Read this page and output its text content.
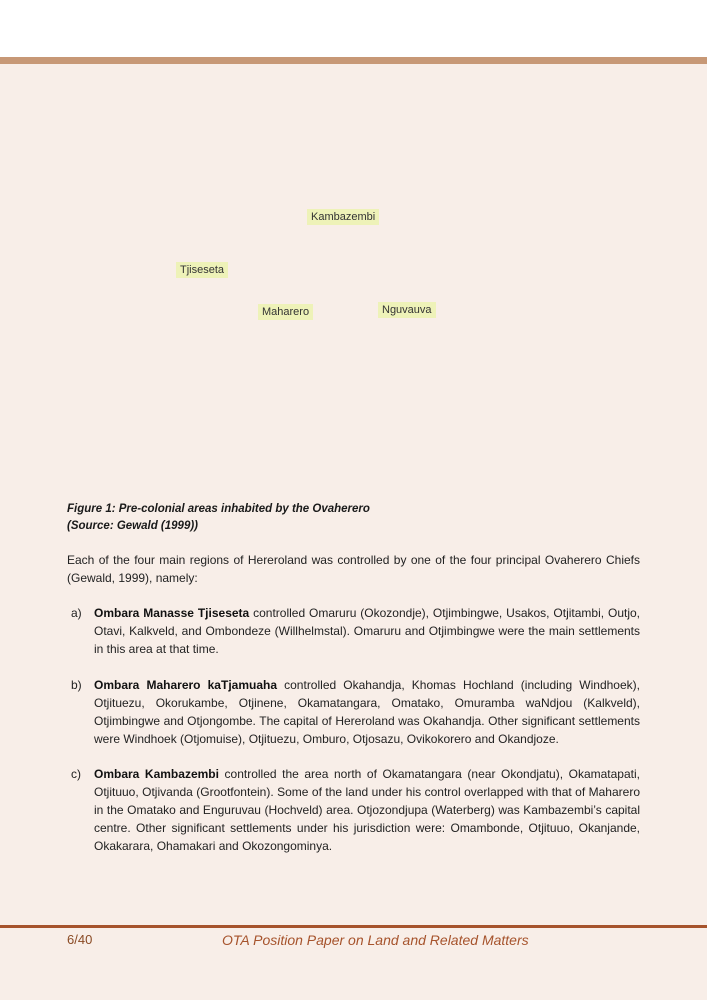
Kambazembi
Tjiseseta
Maharero	Nguvauva
Figure 1: Pre-colonial areas inhabited by the Ovaherero
(Source: Gewald (1999))

Each of the four main regions of Hereroland was controlled by one of the four principal Ovaherero Chiefs (Gewald, 1999), namely:

a) Ombara Manasse Tjiseseta controlled Omaruru (Okozondje), Otjimbingwe, Usakos, Otjitambi, Outjo, Otavi, Kalkveld, and Ombondeze (Willhelmstal). Omaruru and Otjimbingwe were the main settlements in this area at that time.
b) Ombara Maharero kaTjamuaha controlled Okahandja, Khomas Hochland (including Windhoek), Otjituezu, Okorukambe, Otjinene, Okamatangara, Omatako, Omuramba waNdjou (Kalkveld), Otjimbingwe and Otjongombe. The capital of Hereroland was Okahandja. Other significant settlements were Windhoek (Otjomuise), Otjituezu, Omburo, Otjosazu, Ovikokorero and Okandjoze.
c) Ombara Kambazembi controlled the area north of Okamatangara (near Okondjatu), Okamatapati, Otjituuo, Otjivanda (Grootfontein). Some of the land under his control overlapped with that of Maharero in the Omatako and Enguruvau (Hochveld) area. Otjozondjupa (Waterberg) was Kambazembi’s capital centre. Other significant settlements under his jurisdiction were: Omambonde, Otjituuo, Okanjande, Okakarara, Ohamakari and Okozongominya.
6/40	OTA Position Paper on Land and Related Matters
